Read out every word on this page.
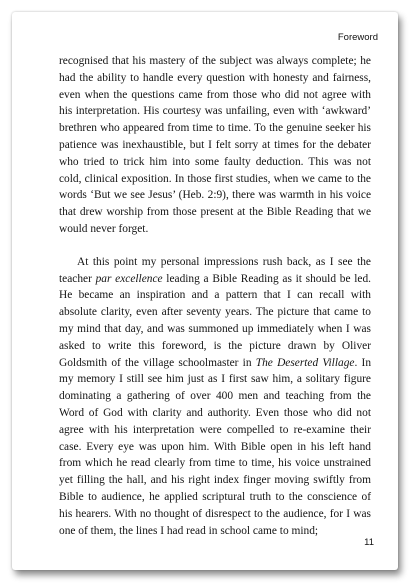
Foreword

recognised that his mastery of the subject was always complete; he had the ability to handle every question with honesty and fairness, even when the questions came from those who did not agree with his interpretation. His courtesy was unfailing, even with ‘awkward’ brethren who appeared from time to time. To the genuine seeker his patience was inexhaustible, but I felt sorry at times for the debater who tried to trick him into some faulty deduction. This was not cold, clinical exposition. In those first studies, when we came to the words ‘But we see Jesus’ (Heb. 2:9), there was warmth in his voice that drew worship from those present at the Bible Reading that we would never forget.

At this point my personal impressions rush back, as I see the teacher par excellence leading a Bible Reading as it should be led. He became an inspiration and a pattern that I can recall with absolute clarity, even after seventy years. The picture that came to my mind that day, and was summoned up immediately when I was asked to write this foreword, is the picture drawn by Oliver Goldsmith of the village schoolmaster in The Deserted Village. In my memory I still see him just as I first saw him, a solitary figure dominating a gathering of over 400 men and teaching from the Word of God with clarity and authority. Even those who did not agree with his interpretation were compelled to re-examine their case. Every eye was upon him. With Bible open in his left hand from which he read clearly from time to time, his voice unstrained yet filling the hall, and his right index finger moving swiftly from Bible to audience, he applied scriptural truth to the conscience of his hearers. With no thought of disrespect to the audience, for I was one of them, the lines I had read in school came to mind;

11
